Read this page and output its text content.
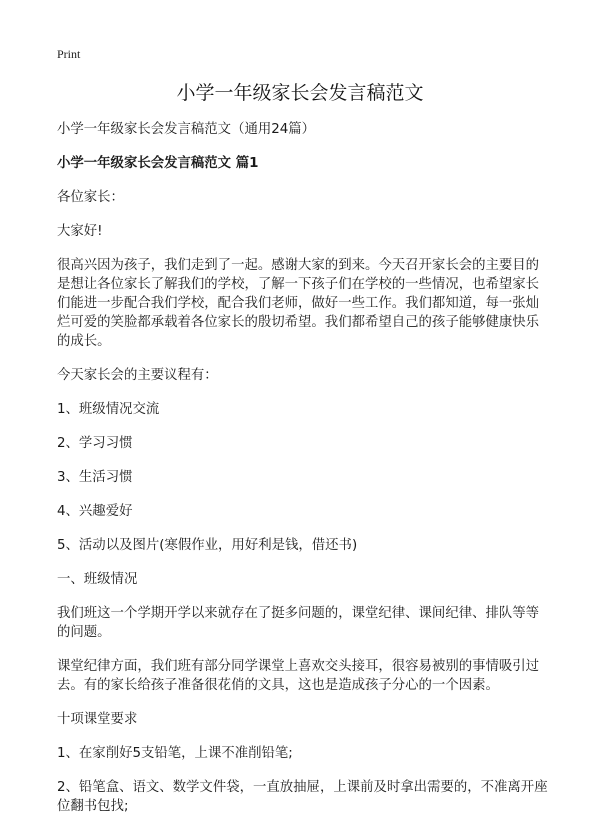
Print
小学一年级家长会发言稿范文

小学一年级家长会发言稿范文（通用24篇）

小学一年级家长会发言稿范文 篇1

各位家长：

大家好!

很高兴因为孩子，我们走到了一起。感谢大家的到来。今天召开家长会的主要目的是想让各位家长了解我们的学校，了解一下孩子们在学校的一些情况，也希望家长们能进一步配合我们学校，配合我们老师，做好一些工作。我们都知道，每一张灿烂可爱的笑脸都承载着各位家长的殷切希望。我们都希望自己的孩子能够健康快乐的成长。

今天家长会的主要议程有：

1、班级情况交流

2、学习习惯

3、生活习惯

4、兴趣爱好

5、活动以及图片(寒假作业，用好利是钱，借还书)

一、班级情况

我们班这一个学期开学以来就存在了挺多问题的，课堂纪律、课间纪律、排队等等的问题。

课堂纪律方面，我们班有部分同学课堂上喜欢交头接耳，很容易被别的事情吸引过去。有的家长给孩子准备很花俏的文具，这也是造成孩子分心的一个因素。

十项课堂要求

1、在家削好5支铅笔，上课不准削铅笔;

2、铅笔盒、语文、数学文件袋，一直放抽屉，上课前及时拿出需要的，不准离开座位翻书包找;
